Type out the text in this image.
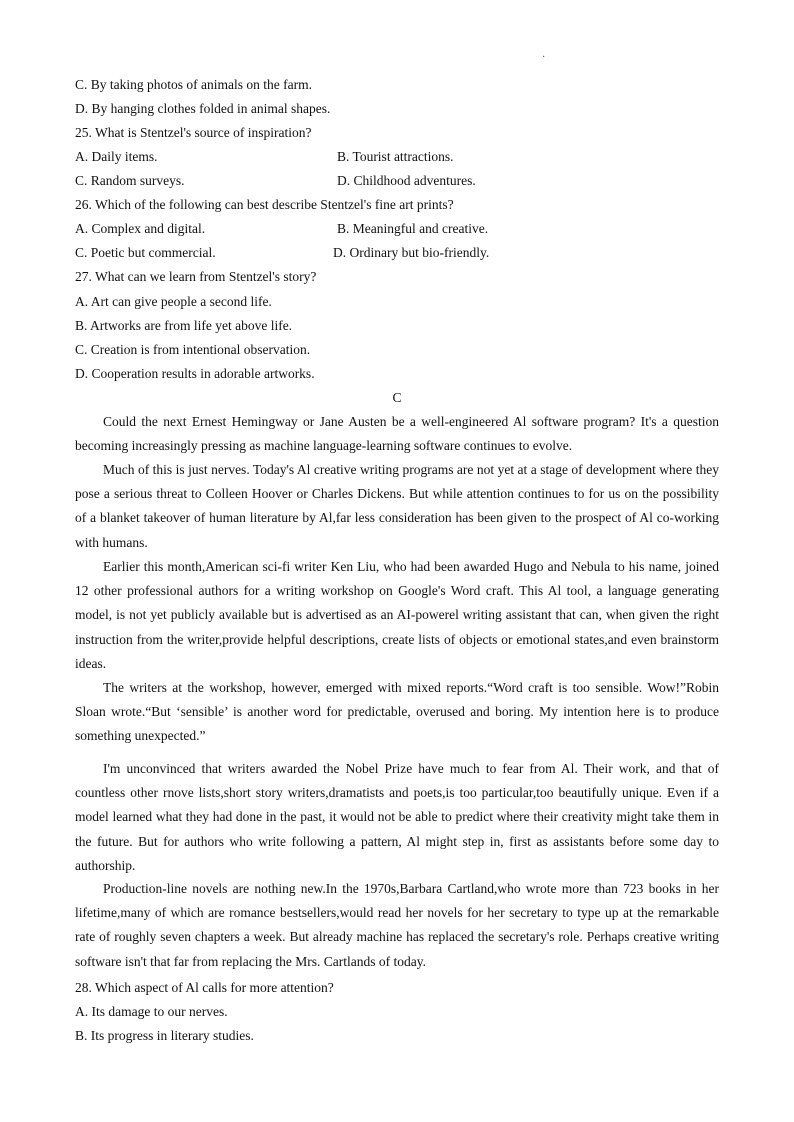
·
C. By taking photos of animals on the farm.
D. By hanging clothes folded in animal shapes.
25. What is Stentzel's source of inspiration?
A. Daily items.	B. Tourist attractions.
C. Random surveys.	D. Childhood adventures.
26. Which of the following can best describe Stentzel's fine art prints?
A. Complex and digital.	B. Meaningful and creative.
C. Poetic but commercial.	D. Ordinary but bio-friendly.
27. What can we learn from Stentzel's story?
A. Art can give people a second life.
B. Artworks are from life yet above life.
C. Creation is from intentional observation.
D. Cooperation results in adorable artworks.
C

Could the next Ernest Hemingway or Jane Austen be a well-engineered Al software program? It's a question becoming increasingly pressing as machine language-learning software continues to evolve.

Much of this is just nerves. Today's Al creative writing programs are not yet at a stage of development where they pose a serious threat to Colleen Hoover or Charles Dickens. But while attention continues to for us on the possibility of a blanket takeover of human literature by Al,far less consideration has been given to the prospect of Al co-working with humans.

Earlier this month,American sci-fi writer Ken Liu, who had been awarded Hugo and Nebula to his name, joined 12 other professional authors for a writing workshop on Google's Word craft. This Al tool, a language generating model, is not yet publicly available but is advertised as an AI-powerel writing assistant that can, when given the right instruction from the writer,provide helpful descriptions, create lists of objects or emotional states,and even brainstorm ideas.

The writers at the workshop, however, emerged with mixed reports.“Word craft is too sensible. Wow!”Robin Sloan wrote.“But ‘sensible’ is another word for predictable, overused and boring. My intention here is to produce something unexpected.”

I'm unconvinced that writers awarded the Nobel Prize have much to fear from Al. Their work, and that of countless other rnove lists,short story writers,dramatists and poets,is too particular,too beautifully unique. Even if a model learned what they had done in the past, it would not be able to predict where their creativity might take them in the future. But for authors who write following a pattern, Al might step in, first as assistants before some day to authorship.

Production-line novels are nothing new.In the 1970s,Barbara Cartland,who wrote more than 723 books in her lifetime,many of which are romance bestsellers,would read her novels for her secretary to type up at the remarkable rate of roughly seven chapters a week. But already machine has replaced the secretary's role. Perhaps creative writing software isn't that far from replacing the Mrs. Cartlands of today.

28. Which aspect of Al calls for more attention?
A. Its damage to our nerves.
B. Its progress in literary studies.
